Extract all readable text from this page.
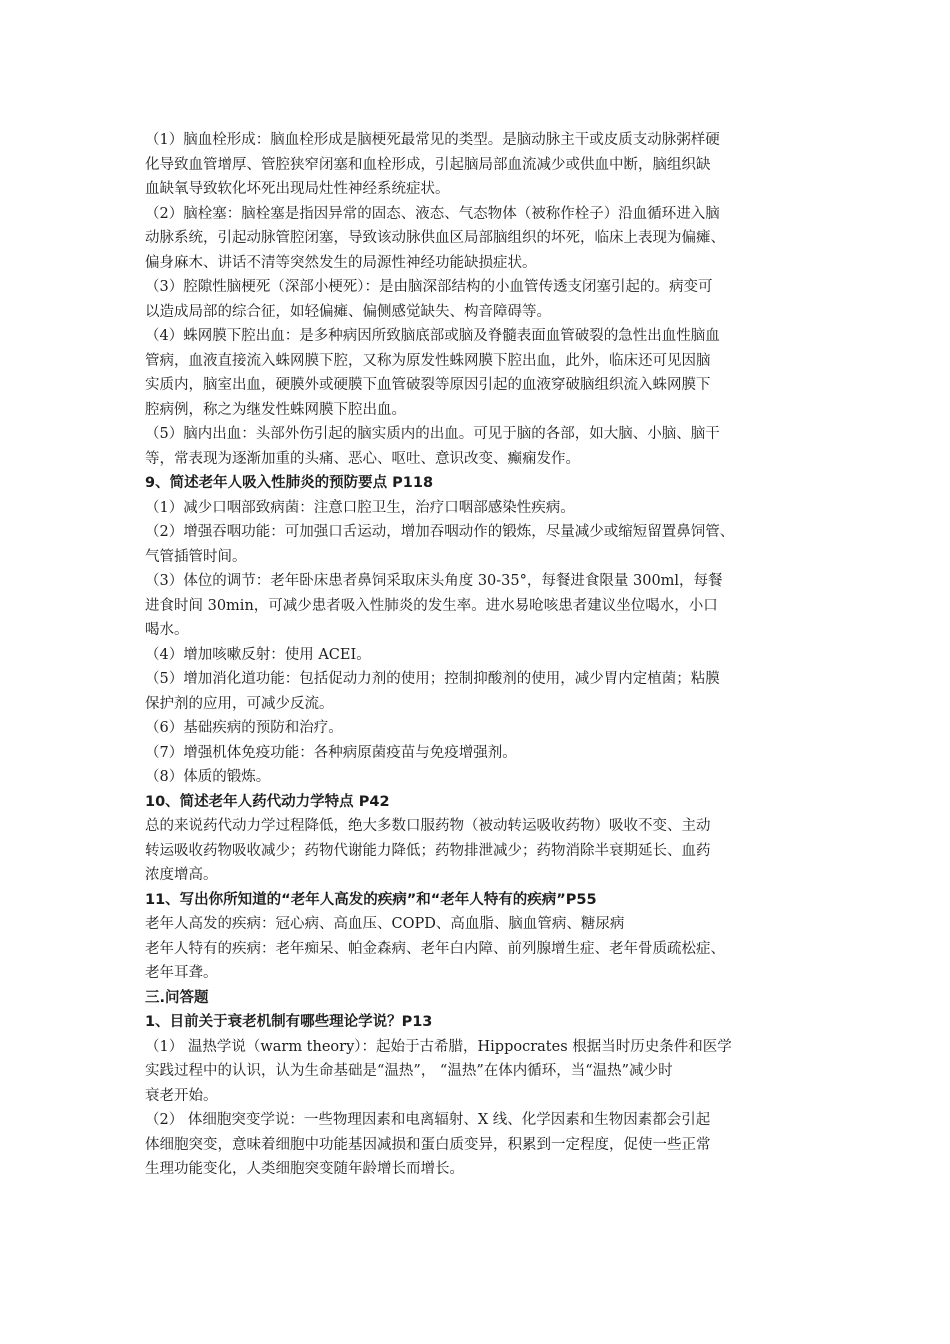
（1）脑血栓形成：脑血栓形成是脑梗死最常见的类型。是脑动脉主干或皮质支动脉粥样硬
化导致血管增厚、管腔狭窄闭塞和血栓形成，引起脑局部血流减少或供血中断，脑组织缺
血缺氧导致软化坏死出现局灶性神经系统症状。

（2）脑栓塞：脑栓塞是指因异常的固态、液态、气态物体（被称作栓子）沿血循环进入脑
动脉系统，引起动脉管腔闭塞，导致该动脉供血区局部脑组织的坏死，临床上表现为偏瘫、
偏身麻木、讲话不清等突然发生的局源性神经功能缺损症状。

（3）腔隙性脑梗死（深部小梗死）：是由脑深部结构的小血管传透支闭塞引起的。病变可
以造成局部的综合征，如轻偏瘫、偏侧感觉缺失、构音障碍等。

（4）蛛网膜下腔出血：是多种病因所致脑底部或脑及脊髓表面血管破裂的急性出血性脑血
管病，血液直接流入蛛网膜下腔，又称为原发性蛛网膜下腔出血，此外，临床还可见因脑
实质内，脑室出血，硬膜外或硬膜下血管破裂等原因引起的血液穿破脑组织流入蛛网膜下
腔病例，称之为继发性蛛网膜下腔出血。

（5）脑内出血：头部外伤引起的脑实质内的出血。可见于脑的各部，如大脑、小脑、脑干
等，常表现为逐渐加重的头痛、恶心、呕吐、意识改变、癫痫发作。

9、简述老年人吸入性肺炎的预防要点 P118

（1）减少口咽部致病菌：注意口腔卫生，治疗口咽部感染性疾病。

（2）增强吞咽功能：可加强口舌运动，增加吞咽动作的锻炼，尽量减少或缩短留置鼻饲管、
气管插管时间。

（3）体位的调节：老年卧床患者鼻饲采取床头角度 30-35°，每餐进食限量 300ml，每餐
进食时间 30min，可减少患者吸入性肺炎的发生率。进水易呛咳患者建议坐位喝水，小口
喝水。

（4）增加咳嗽反射：使用 ACEI。

（5）增加消化道功能：包括促动力剂的使用；控制抑酸剂的使用，减少胃内定植菌；粘膜
保护剂的应用，可减少反流。

（6）基础疾病的预防和治疗。

（7）增强机体免疫功能：各种病原菌疫苗与免疫增强剂。

（8）体质的锻炼。

10、简述老年人药代动力学特点 P42

总的来说药代动力学过程降低，绝大多数口服药物（被动转运吸收药物）吸收不变、主动
转运吸收药物吸收减少；药物代谢能力降低；药物排泄减少；药物消除半衰期延长、血药
浓度增高。

11、写出你所知道的“老年人高发的疾病”和“老年人特有的疾病”P55

老年人高发的疾病：冠心病、高血压、COPD、高血脂、脑血管病、糖尿病

老年人特有的疾病：老年痴呆、帕金森病、老年白内障、前列腺增生症、老年骨质疏松症、
老年耳聋。

三.问答题

1、目前关于衰老机制有哪些理论学说？P13

（1） 温热学说（warm theory）：起始于古希腊，Hippocrates 根据当时历史条件和医学
实践过程中的认识，认为生命基础是“温热”， “温热”在体内循环，当“温热”减少时
衰老开始。

（2） 体细胞突变学说：一些物理因素和电离辐射、X 线、化学因素和生物因素都会引起
体细胞突变，意味着细胞中功能基因减损和蛋白质变异，积累到一定程度，促使一些正常
生理功能变化，人类细胞突变随年龄增长而增长。
